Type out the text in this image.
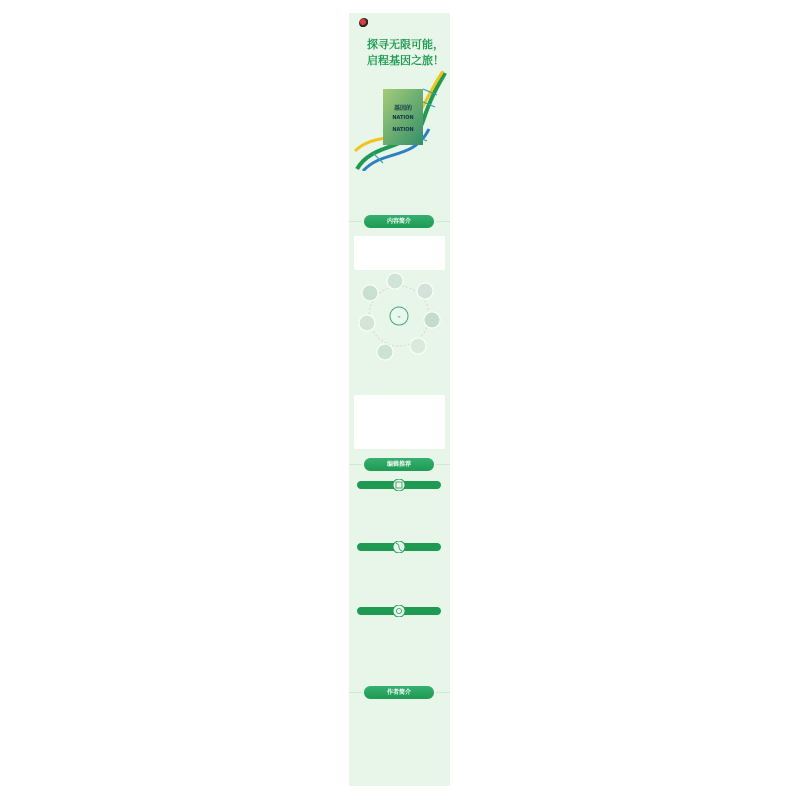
探寻无限可能，
启程基因之旅！
基因的
NATION
NATION
内容简介
∞
编辑推荐
作者简介
